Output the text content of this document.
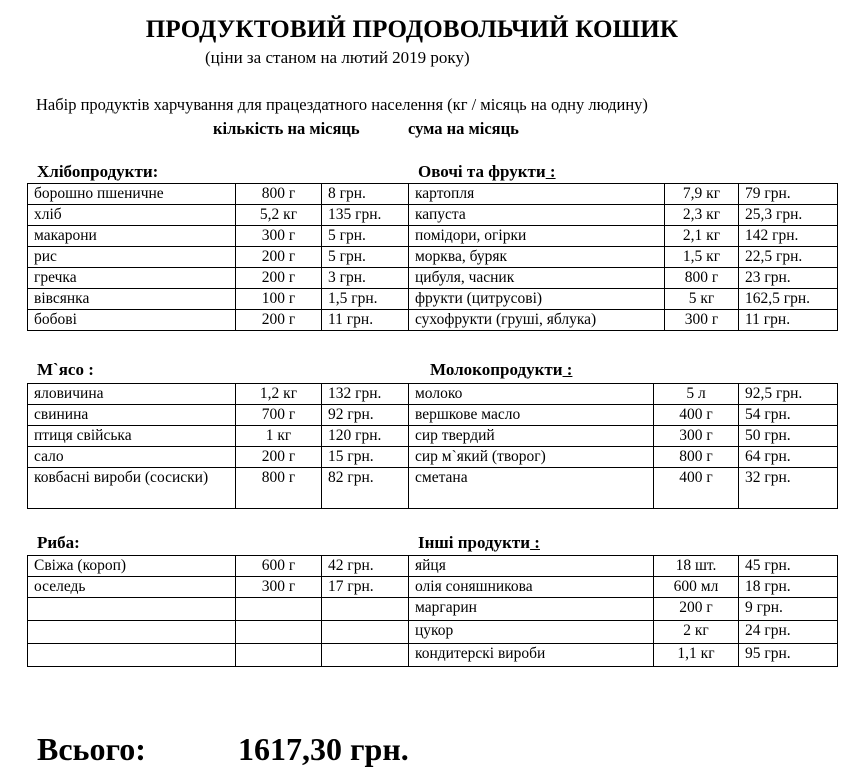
ПРОДУКТОВИЙ ПРОДОВОЛЬЧИЙ КОШИК
(ціни за станом на лютий 2019 року)
Набір продуктів харчування для працездатного населення (кг / місяць на одну людину)
кількість на місяць	сума на місяць
Хлібопродукти:	Овочі та фрукти :
борошно пшеничне	800 г	8 грн.	картопля	7,9 кг	79 грн.
хліб	5,2 кг	135 грн.	капуста	2,3 кг	25,3 грн.
макарони	300 г	5 грн.	помідори, огірки	2,1 кг	142 грн.
рис	200 г	5 грн.	морква, буряк	1,5 кг	22,5 грн.
гречка	200 г	3 грн.	цибуля, часник	800 г	23 грн.
вівсянка	100 г	1,5 грн.	фрукти (цитрусові)	5 кг	162,5 грн.
бобові	200 г	11 грн.	сухофрукти (груші, яблука)	300 г	11 грн.
М`ясо :	Молокопродукти :
яловичина	1,2 кг	132 грн.	молоко	5 л	92,5 грн.
свинина	700 г	92 грн.	вершкове масло	400 г	54 грн.
птиця свійська	1 кг	120 грн.	сир твердий	300 г	50 грн.
сало	200 г	15 грн.	сир м`який (творог)	800 г	64 грн.
ковбасні вироби (сосиски)	800 г	82 грн.	сметана	400 г	32 грн.
Риба:	Інші продукти :
Свіжа (короп)	600 г	42 грн.	яйця	18 шт.	45 грн.
оселедь	300 г	17 грн.	олія соняшникова	600 мл	18 грн.
			маргарин	200 г	9 грн.
			цукор	2 кг	24 грн.
			кондитерскі вироби	1,1 кг	95 грн.
Всього:	1617,30 грн.
